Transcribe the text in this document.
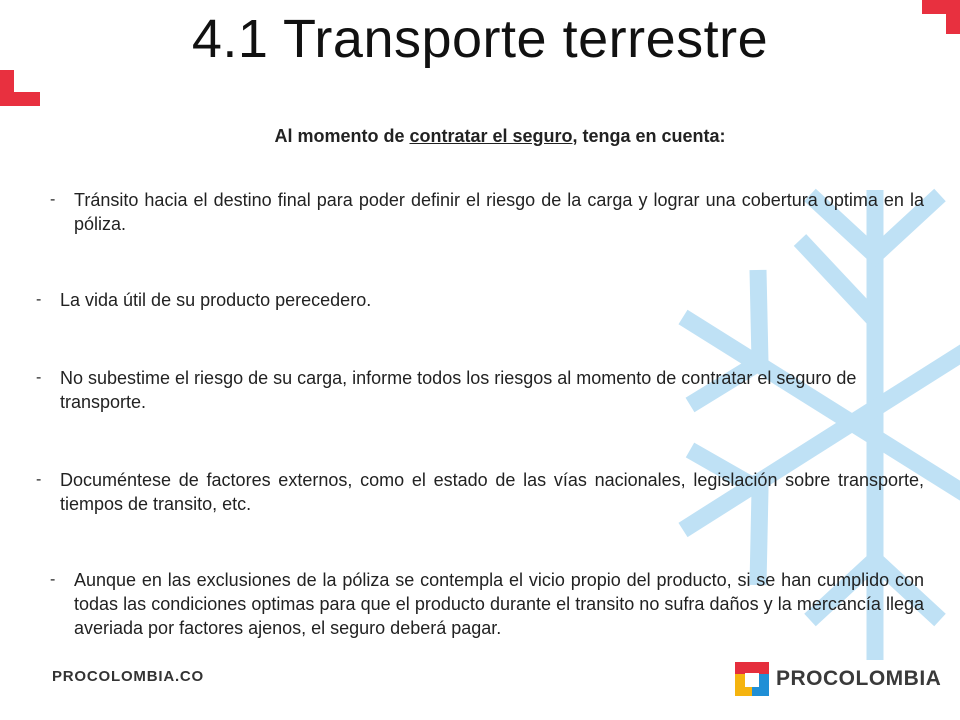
4.1 Transporte terrestre
Al momento de contratar el seguro, tenga en cuenta:
- Tránsito hacia el destino final para poder definir el riesgo de la carga y lograr una cobertura optima en la póliza.
- La vida útil de su producto perecedero.
- No subestime el riesgo de su carga, informe todos los riesgos al momento de contratar el seguro de transporte.
- Documéntese de factores externos, como el estado de las vías nacionales, legislación sobre transporte, tiempos de transito, etc.
- Aunque en las exclusiones de la póliza se contempla el vicio propio del producto, si se han cumplido con todas las condiciones optimas para que el producto durante el transito no sufra daños y la mercancía llega averiada por factores ajenos, el seguro deberá pagar.
PROCOLOMBIA.CO	PROCOLOMBIA
